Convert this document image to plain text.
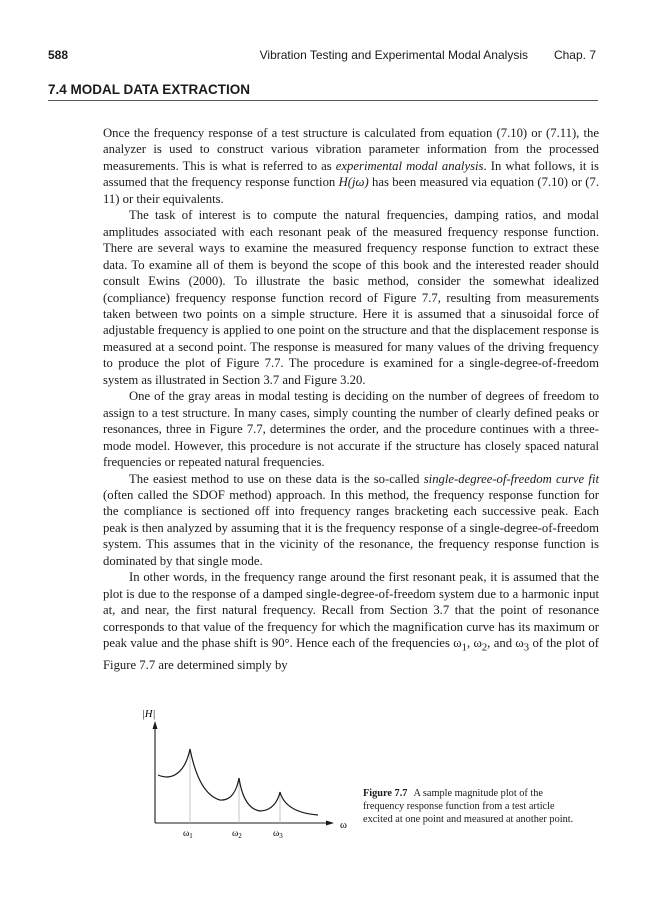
588	Vibration Testing and Experimental Modal Analysis Chap. 7
7.4 MODAL DATA EXTRACTION

Once the frequency response of a test structure is calculated from equation (7.10) or (7.11), the analyzer is used to construct various vibration parameter information from the processed measurements. This is what is referred to as experimental modal analysis. In what follows, it is assumed that the frequency response function H(jω) has been measured via equation (7.10) or (7. 11) or their equivalents.

The task of interest is to compute the natural frequencies, damping ratios, and modal amplitudes associated with each resonant peak of the measured frequency response function. There are several ways to examine the measured frequency response function to extract these data. To examine all of them is beyond the scope of this book and the interested reader should consult Ewins (2000). To illustrate the basic method, consider the somewhat idealized (compliance) frequency response function record of Figure 7.7, resulting from measurements taken between two points on a simple structure. Here it is assumed that a sinusoidal force of adjustable frequency is applied to one point on the structure and that the displacement response is measured at a second point. The response is measured for many values of the driving frequency to produce the plot of Figure 7.7. The procedure is examined for a single-degree-of-freedom system as illustrated in Section 3.7 and Figure 3.20.

One of the gray areas in modal testing is deciding on the number of degrees of freedom to assign to a test structure. In many cases, simply counting the number of clearly defined peaks or resonances, three in Figure 7.7, determines the order, and the procedure continues with a three-mode model. However, this procedure is not accurate if the structure has closely spaced natural frequencies or repeated natural frequencies.

The easiest method to use on these data is the so-called single-degree-of-freedom curve fit (often called the SDOF method) approach. In this method, the frequency response function for the compliance is sectioned off into frequency ranges bracketing each successive peak. Each peak is then analyzed by assuming that it is the frequency response of a single-degree-of-freedom system. This assumes that in the vicinity of the resonance, the frequency response function is dominated by that single mode.

In other words, in the frequency range around the first resonant peak, it is assumed that the plot is due to the response of a damped single-degree-of-freedom system due to a harmonic input at, and near, the first natural frequency. Recall from Section 3.7 that the point of resonance corresponds to that value of the frequency for which the magnification curve has its maximum or peak value and the phase shift is 90°. Hence each of the frequencies $\omega_1$, $\omega_2$, and $\omega_3$ of the plot of Figure 7.7 are determined simply by

|H|
ω
$\omega_1$	$\omega_2$	$\omega_3$
Figure 7.7 A sample magnitude plot of the frequency response function from a test article excited at one point and measured at another point.
